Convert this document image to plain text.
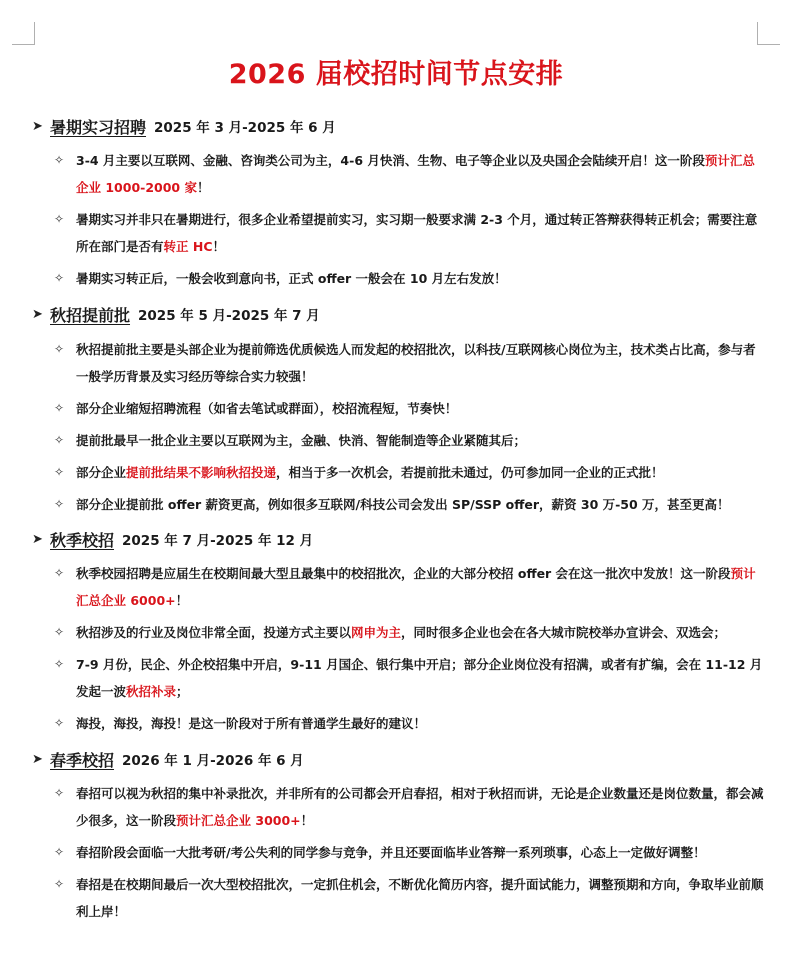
2026 届校招时间节点安排
➤ 暑期实习招聘 2025 年 3 月-2025 年 6 月
✧ 3-4 月主要以互联网、金融、咨询类公司为主，4-6 月快消、生物、电子等企业以及央国企会陆续开启！这一阶段预计汇总企业 1000-2000 家！
✧ 暑期实习并非只在暑期进行，很多企业希望提前实习，实习期一般要求满 2-3 个月，通过转正答辩获得转正机会；需要注意所在部门是否有转正 HC！
✧ 暑期实习转正后，一般会收到意向书，正式 offer 一般会在 10 月左右发放！
➤ 秋招提前批 2025 年 5 月-2025 年 7 月
✧ 秋招提前批主要是头部企业为提前筛选优质候选人而发起的校招批次，以科技/互联网核心岗位为主，技术类占比高，参与者一般学历背景及实习经历等综合实力较强！
✧ 部分企业缩短招聘流程（如省去笔试或群面），校招流程短，节奏快！
✧ 提前批最早一批企业主要以互联网为主，金融、快消、智能制造等企业紧随其后；
✧ 部分企业提前批结果不影响秋招投递，相当于多一次机会，若提前批未通过，仍可参加同一企业的正式批！
✧ 部分企业提前批 offer 薪资更高，例如很多互联网/科技公司会发出 SP/SSP offer，薪资 30 万-50 万，甚至更高！
➤ 秋季校招 2025 年 7 月-2025 年 12 月
✧ 秋季校园招聘是应届生在校期间最大型且最集中的校招批次，企业的大部分校招 offer 会在这一批次中发放！这一阶段预计汇总企业 6000+！
✧ 秋招涉及的行业及岗位非常全面，投递方式主要以网申为主，同时很多企业也会在各大城市院校举办宣讲会、双选会；
✧ 7-9 月份，民企、外企校招集中开启，9-11 月国企、银行集中开启；部分企业岗位没有招满，或者有扩编，会在 11-12 月发起一波秋招补录；
✧ 海投，海投，海投！是这一阶段对于所有普通学生最好的建议！
➤ 春季校招 2026 年 1 月-2026 年 6 月
✧ 春招可以视为秋招的集中补录批次，并非所有的公司都会开启春招，相对于秋招而讲，无论是企业数量还是岗位数量，都会减少很多，这一阶段预计汇总企业 3000+！
✧ 春招阶段会面临一大批考研/考公失利的同学参与竞争，并且还要面临毕业答辩一系列琐事，心态上一定做好调整！
✧ 春招是在校期间最后一次大型校招批次，一定抓住机会，不断优化简历内容，提升面试能力，调整预期和方向，争取毕业前顺利上岸！
